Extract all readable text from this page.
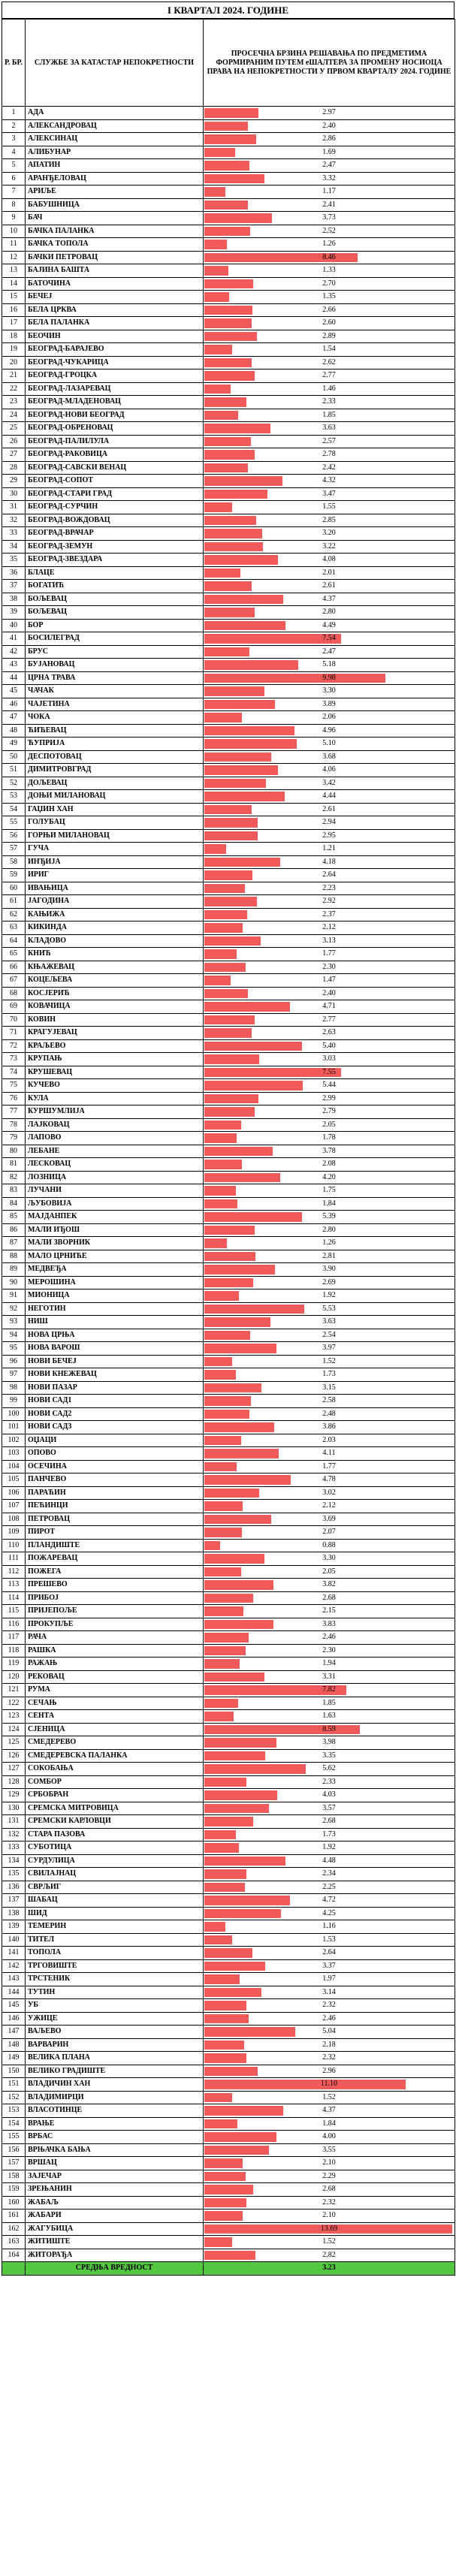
I КВАРТАЛ 2024. ГОДИНЕ
Р. БР.	СЛУЖБЕ ЗА КАТАСТАР НЕПОКРЕТНОСТИ	ПРОСЕЧНА БРЗИНА РЕШАВАЊА ПО ПРЕДМЕТИМА ФОРМИРАНИМ ПУТЕМ еШАЛТЕРА ЗА ПРОМЕНУ НОСИОЦА ПРАВА НА НЕПОКРЕТНОСТИ У ПРВОМ КВАРТАЛУ 2024. ГОДИНЕ
1	АДА	2.97

2	АЛЕКСАНДРОВАЦ	2.40

3	АЛЕКСИНАЦ	2.86

4	АЛИБУНАР	1.69

5	АПАТИН	2.47

6	АРАНЂЕЛОВАЦ	3.32

7	АРИЉЕ	1.17

8	БАБУШНИЦА	2.41

9	БАЧ	3.73

10	БАЧКА ПАЛАНКА	2.52

11	БАЧКА ТОПОЛА	1.26

12	БАЧКИ ПЕТРОВАЦ	8.46

13	БАЈИНА БАШТА	1.33

14	БАТОЧИНА	2.70

15	БЕЧЕЈ	1.35

16	БЕЛА ЦРКВА	2.66

17	БЕЛА ПАЛАНКА	2.60

18	БЕОЧИН	2.89

19	БЕОГРАД-БАРАЈЕВО	1.54

20	БЕОГРАД-ЧУКАРИЦА	2.62

21	БЕОГРАД-ГРОЦКА	2.77

22	БЕОГРАД-ЛАЗАРЕВАЦ	1.46

23	БЕОГРАД-МЛАДЕНОВАЦ	2.33

24	БЕОГРАД-НОВИ БЕОГРАД	1.85

25	БЕОГРАД-ОБРЕНОВАЦ	3.63

26	БЕОГРАД-ПАЛИЛУЛА	2.57

27	БЕОГРАД-РАКОВИЦА	2.78

28	БЕОГРАД-САВСКИ ВЕНАЦ	2.42

29	БЕОГРАД-СОПОТ	4.32

30	БЕОГРАД-СТАРИ ГРАД	3.47

31	БЕОГРАД-СУРЧИН	1.55

32	БЕОГРАД-ВОЖДОВАЦ	2.85

33	БЕОГРАД-ВРАЧАР	3.20

34	БЕОГРАД-ЗЕМУН	3.22

35	БЕОГРАД-ЗВЕЗДАРА	4.08

36	БЛАЦЕ	2.01

37	БОГАТИЋ	2.61

38	БОЉЕВАЦ	4.37

39	БОЉЕВАЦ	2.80

40	БОР	4.49

41	БОСИЛЕГРАД	7.54

42	БРУС	2.47

43	БУЈАНОВАЦ	5.18

44	ЦРНА ТРАВА	9.98

45	ЧАЧАК	3.30

46	ЧАЈЕТИНА	3.89

47	ЧОКА	2.06

48	ЋИЋЕВАЦ	4.96

49	ЋУПРИЈА	5.10

50	ДЕСПОТОВАЦ	3.68

51	ДИМИТРОВГРАД	4.06

52	ДОЉЕВАЦ	3.42

53	ДОЊИ МИЛАНОВАЦ	4.44

54	ГАЏИН ХАН	2.61

55	ГОЛУБАЦ	2.94

56	ГОРЊИ МИЛАНОВАЦ	2.95

57	ГУЧА	1.21

58	ИНЂИЈА	4.18

59	ИРИГ	2.64

60	ИВАЊИЦА	2.23

61	ЈАГОДИНА	2.92

62	КАЊИЖА	2.37

63	КИКИНДА	2.12

64	КЛАДОВО	3.13

65	КНИЋ	1.77

66	КЊАЖЕВАЦ	2.30

67	КОЦЕЉЕВА	1.47

68	КОСЈЕРИЋ	2.40

69	КОВАЧИЦА	4.71

70	КОВИН	2.77

71	КРАГУЈЕВАЦ	2.63

72	КРАЉЕВО	5.40

73	КРУПАЊ	3.03

74	КРУШЕВАЦ	7.55

75	КУЧЕВО	5.44

76	КУЛА	2.99

77	КУРШУМЛИЈА	2.79

78	ЛАЈКОВАЦ	2.05

79	ЛАПОВО	1.78

80	ЛЕБАНЕ	3.78

81	ЛЕСКОВАЦ	2.08

82	ЛОЗНИЦА	4.20

83	ЛУЧАНИ	1.75

84	ЉУБОВИЈА	1.84

85	МАЈДАНПЕК	5.39

86	МАЛИ ИЂОШ	2.80

87	МАЛИ ЗВОРНИК	1.26

88	МАЛО ЦРНИЋЕ	2.81

89	МЕДВЕЂА	3.90

90	МЕРОШИНА	2.69

91	МИОНИЦА	1.92

92	НЕГОТИН	5.53

93	НИШ	3.63

94	НОВА ЦРЊА	2.54

95	НОВА ВАРОШ	3.97

96	НОВИ БЕЧЕЈ	1.52

97	НОВИ КНЕЖЕВАЦ	1.73

98	НОВИ ПАЗАР	3.15

99	НОВИ САД1	2.58

100	НОВИ САД2	2.48

101	НОВИ САД3	3.86

102	ОЏАЦИ	2.03

103	ОПОВО	4.11

104	ОСЕЧИНА	1.77

105	ПАНЧЕВО	4.78

106	ПАРАЋИН	3.02

107	ПЕЋИНЦИ	2.12

108	ПЕТРОВАЦ	3.69

109	ПИРОТ	2.07

110	ПЛАНДИШТЕ	0.88

111	ПОЖАРЕВАЦ	3.30

112	ПОЖЕГА	2.05

113	ПРЕШЕВО	3.82

114	ПРИБОЈ	2.68

115	ПРИЈЕПОЉЕ	2.15

116	ПРОКУПЉЕ	3.83

117	РАЧА	2.46

118	РАШКА	2.30

119	РАЖАЊ	1.94

120	РЕКОВАЦ	3.31

121	РУМА	7.82

122	СЕЧАЊ	1.85

123	СЕНТА	1.63

124	СЈЕНИЦА	8.59

125	СМЕДЕРЕВО	3.98

126	СМЕДЕРЕВСКА ПАЛАНКА	3.35

127	СОКОБАЊА	5.62

128	СОМБОР	2.33

129	СРБОБРАН	4.03

130	СРЕМСКА МИТРОВИЦА	3.57

131	СРЕМСКИ КАРЛОВЦИ	2.68

132	СТАРА ПАЗОВА	1.73

133	СУБОТИЦА	1.92

134	СУРДУЛИЦА	4.48

135	СВИЛАЈНАЦ	2.34

136	СВРЉИГ	2.25

137	ШАБАЦ	4.72

138	ШИД	4.25

139	ТЕМЕРИН	1.16

140	ТИТЕЛ	1.53

141	ТОПОЛА	2.64

142	ТРГОВИШТЕ	3.37

143	ТРСТЕНИК	1.97

144	ТУТИН	3.14

145	УБ	2.32

146	УЖИЦЕ	2.46

147	ВАЉЕВО	5.04

148	ВАРВАРИН	2.18

149	ВЕЛИКА ПЛАНА	2.32

150	ВЕЛИКО ГРАДИШТЕ	2.96

151	ВЛАДИЧИН ХАН	11.10

152	ВЛАДИМИРЦИ	1.52

153	ВЛАСОТИНЦЕ	4.37

154	ВРАЊЕ	1.84

155	ВРБАС	4.00

156	ВРЊАЧКА БАЊА	3.55

157	ВРШАЦ	2.10

158	ЗАЈЕЧАР	2.29

159	ЗРЕЊАНИН	2.68

160	ЖАБАЉ	2.32

161	ЖАБАРИ	2.10

162	ЖАГУБИЦА	13.69

163	ЖИТИШТЕ	1.52

164	ЖИТОРАЂА	2.82

	СРЕДЊА ВРЕДНОСТ	3.23
